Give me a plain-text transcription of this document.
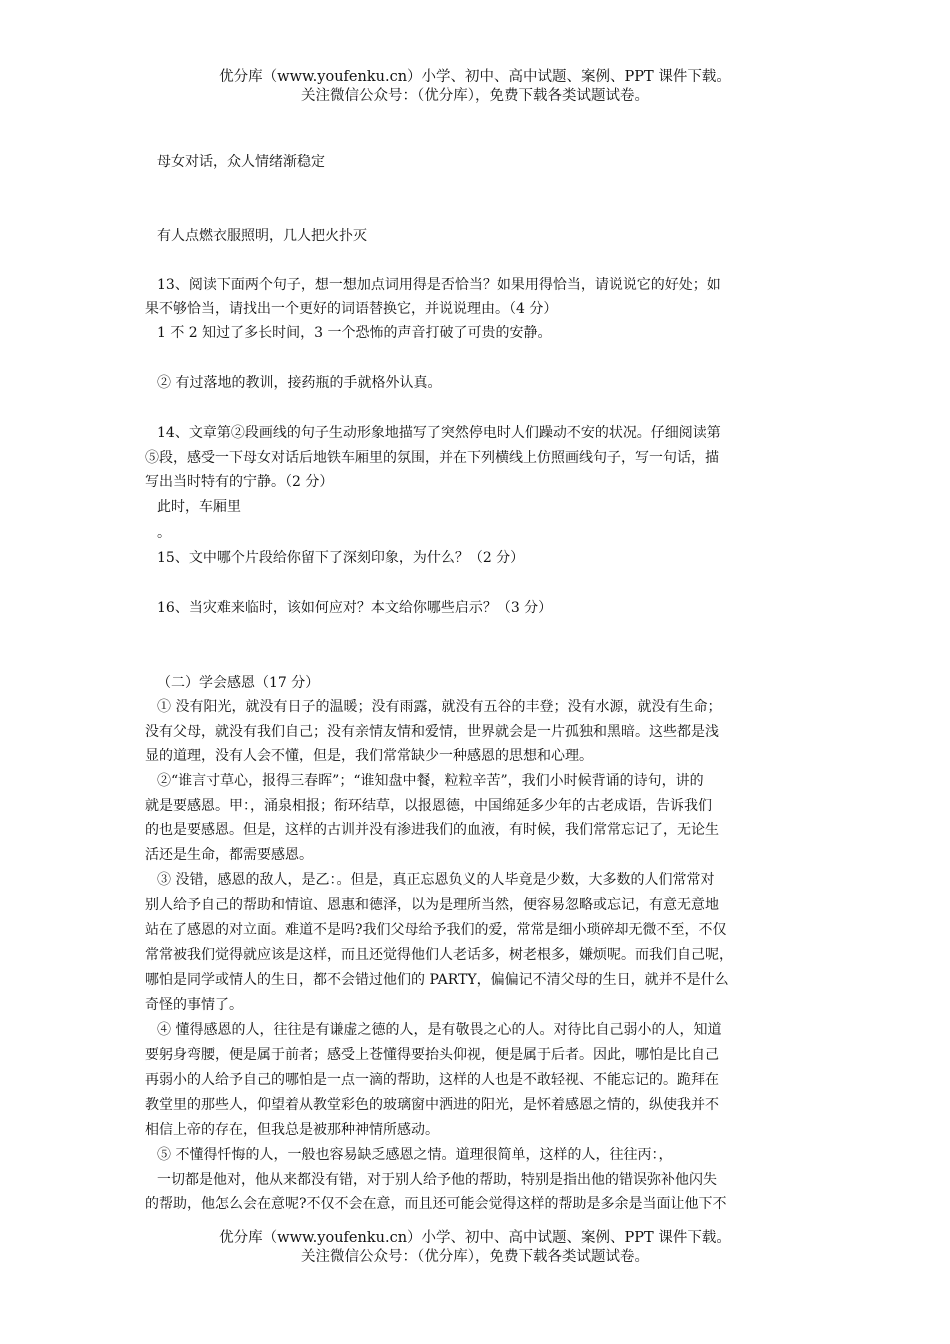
优分库（www.youfenku.cn）小学、初中、高中试题、案例、PPT 课件下载。
关注微信公众号：（优分库），免费下载各类试题试卷。
母女对话，众人情绪渐稳定
有人点燃衣服照明，几人把火扑灭
13、阅读下面两个句子，想一想加点词用得是否恰当？如果用得恰当，请说说它的好处；如
果不够恰当，请找出一个更好的词语替换它，并说说理由。（4 分）
1 不 2 知过了多长时间，3 一个恐怖的声音打破了可贵的安静。
② 有过落地的教训，接药瓶的手就格外认真。
14、文章第②段画线的句子生动形象地描写了突然停电时人们躁动不安的状况。仔细阅读第
⑤段，感受一下母女对话后地铁车厢里的氛围，并在下列横线上仿照画线句子，写一句话，描
写出当时特有的宁静。（2 分）
此时，车厢里
。
15、文中哪个片段给你留下了深刻印象，为什么？（2 分）
16、当灾难来临时，该如何应对？本文给你哪些启示？（3 分）
（二）学会感恩（17 分）
① 没有阳光，就没有日子的温暖；没有雨露，就没有五谷的丰登；没有水源，就没有生命；
没有父母，就没有我们自己；没有亲情友情和爱情，世界就会是一片孤独和黑暗。这些都是浅
显的道理，没有人会不懂，但是，我们常常缺少一种感恩的思想和心理。
②“谁言寸草心，报得三春晖”；“谁知盘中餐，粒粒辛苦”，我们小时候背诵的诗句，讲的
就是要感恩。甲：，涌泉相报；衔环结草，以报恩德，中国绵延多少年的古老成语，告诉我们
的也是要感恩。但是，这样的古训并没有渗进我们的血液，有时候，我们常常忘记了，无论生
活还是生命，都需要感恩。
③ 没错，感恩的敌人，是乙：。但是，真正忘恩负义的人毕竟是少数，大多数的人们常常对
别人给予自己的帮助和情谊、恩惠和德泽，以为是理所当然，便容易忽略或忘记，有意无意地
站在了感恩的对立面。难道不是吗?我们父母给予我们的爱，常常是细小琐碎却无微不至，不仅
常常被我们觉得就应该是这样，而且还觉得他们人老话多，树老根多，嫌烦呢。而我们自己呢，
哪怕是同学或情人的生日，都不会错过他们的 PARTY，偏偏记不清父母的生日，就并不是什么
奇怪的事情了。
④ 懂得感恩的人，往往是有谦虚之德的人，是有敬畏之心的人。对待比自己弱小的人，知道
要躬身弯腰，便是属于前者；感受上苍懂得要抬头仰视，便是属于后者。因此，哪怕是比自己
再弱小的人给予自己的哪怕是一点一滴的帮助，这样的人也是不敢轻视、不能忘记的。跪拜在
教堂里的那些人，仰望着从教堂彩色的玻璃窗中洒进的阳光，是怀着感恩之情的，纵使我并不
相信上帝的存在，但我总是被那种神情所感动。
⑤ 不懂得忏悔的人，一般也容易缺乏感恩之情。道理很简单，这样的人，往往丙：，
一切都是他对，他从来都没有错，对于别人给予他的帮助，特别是指出他的错误弥补他闪失
的帮助，他怎么会在意呢?不仅不会在意，而且还可能会觉得这样的帮助是多余是当面让他下不
优分库（www.youfenku.cn）小学、初中、高中试题、案例、PPT 课件下载。
关注微信公众号：（优分库），免费下载各类试题试卷。
